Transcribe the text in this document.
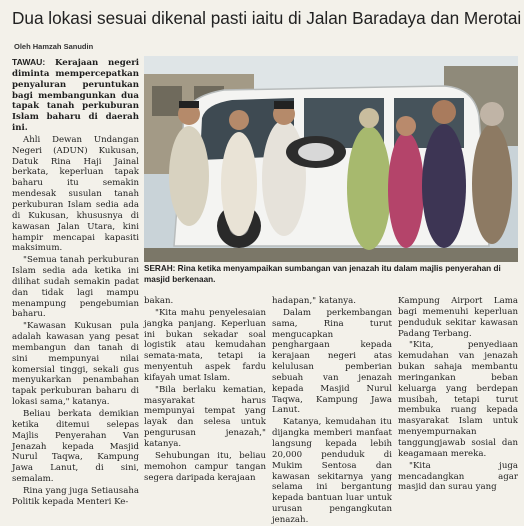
Dua lokasi sesuai dikenal pasti iaitu di Jalan Baradaya dan Merotai
Oleh Hamzah Sanudin

TAWAU: Kerajaan negeri diminta mempercepatkan penyaluran peruntukan bagi membangunkan dua tapak tanah perkuburan Islam baharu di daerah ini.

Ahli Dewan Undangan Negeri (ADUN) Kukusan, Datuk Rina Haji Jainal berkata, keperluan tapak baharu itu semakin mendesak susulan tanah perkuburan Islam sedia ada di Kukusan, khususnya di kawasan Jalan Utara, kini hampir mencapai kapasiti maksimum.

"Semua tanah perkuburan Islam sedia ada ketika ini dilihat sudah semakin padat dan tidak lagi mampu menampung pengebumian baharu.

"Kawasan Kukusan pula adalah kawasan yang pesat membangun dan tanah di sini mempunyai nilai komersial tinggi, sekali gus menyukarkan penambahan tapak perkuburan baharu di lokasi sama," katanya.

Beliau berkata demikian ketika ditemui selepas Majlis Penyerahan Van Jenazah kepada Masjid Nurul Taqwa, Kampung Jawa Lanut, di sini, semalam.

Rina yang juga Setiausaha Politik kepada Menteri Ke-

SERAH: Rina ketika menyampaikan sumbangan van jenazah itu dalam majlis penyerahan di masjid berkenaan.

bakan.

"Kita mahu penyelesaian jangka panjang. Keperluan ini bukan sekadar soal logistik atau kemudahan semata-mata, tetapi ia menyentuh aspek fardu kifayah umat Islam.

"Bila berlaku kematian, masyarakat harus mempunyai tempat yang layak dan selesa untuk pengurusan jenazah," katanya.

Sehubungan itu, beliau memohon campur tangan segera daripada kerajaan

hadapan," katanya.

Dalam perkembangan sama, Rina turut mengucapkan penghargaan kepada kerajaan negeri atas kelulusan pemberian sebuah van jenazah kepada Masjid Nurul Taqwa, Kampung Jawa Lanut.

Katanya, kemudahan itu dijangka memberi manfaat langsung kepada lebih 20,000 penduduk di Mukim Sentosa dan kawasan sekitarnya yang selama ini bergantung kepada bantuan luar untuk urusan pengangkutan jenazah.

Kampung Airport Lama bagi memenuhi keperluan penduduk sekitar kawasan Padang Terbang.

"Kita, penyediaan kemudahan van jenazah bukan sahaja membantu meringankan beban keluarga yang berdepan musibah, tetapi turut membuka ruang kepada masyarakat Islam untuk menyempurnakan tanggungjawab sosial dan keagamaan mereka.

"Kita juga mencadangkan agar masjid dan surau yang
